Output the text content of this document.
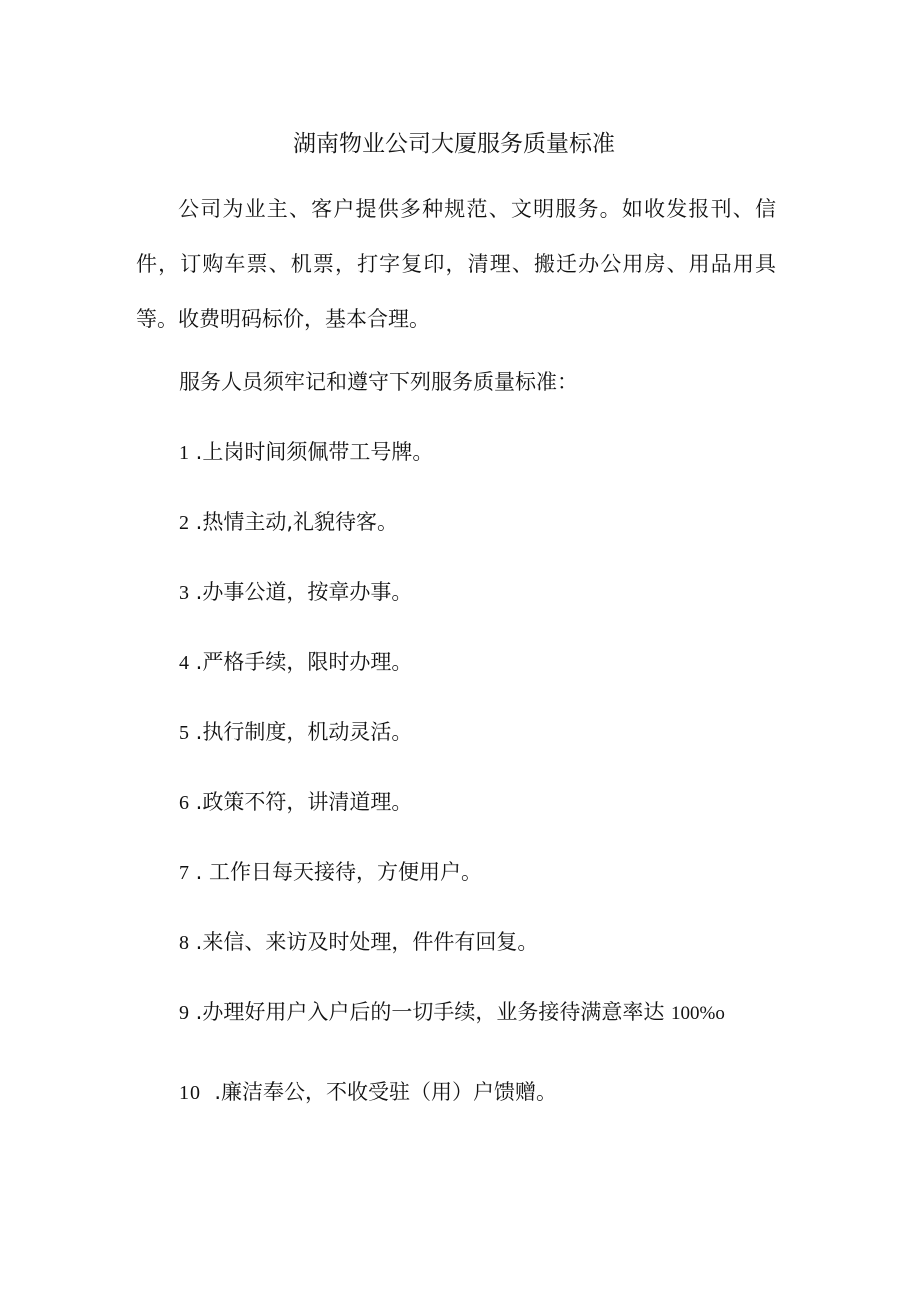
湖南物业公司大厦服务质量标准

公司为业主、客户提供多种规范、文明服务。如收发报刊、信件，订购车票、机票，打字复印，清理、搬迁办公用房、用品用具等。收费明码标价，基本合理。

服务人员须牢记和遵守下列服务质量标准：

1 .上岗时间须佩带工号牌。

2 .热情主动,礼貌待客。

3 .办事公道，按章办事。

4 .严格手续，限时办理。

5 .执行制度，机动灵活。

6 .政策不符，讲清道理。

7 . 工作日每天接待，方便用户。

8 .来信、来访及时处理，件件有回复。

9 .办理好用户入户后的一切手续，业务接待满意率达 100%o

10  .廉洁奉公，不收受驻（用）户馈赠。
